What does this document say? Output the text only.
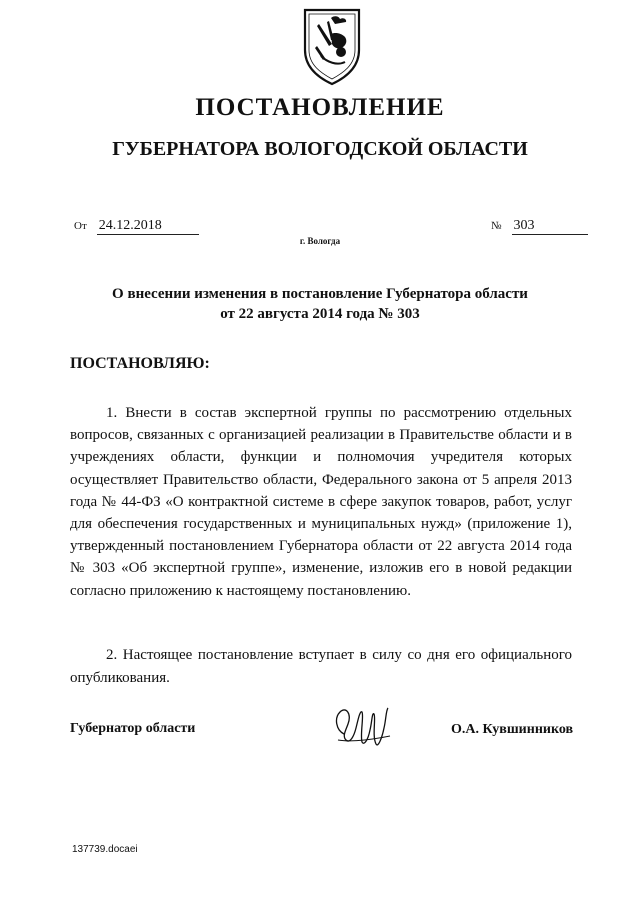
ПОСТАНОВЛЕНИЕ
ГУБЕРНАТОРА ВОЛОГОДСКОЙ ОБЛАСТИ
От 24.12.2018	№ 303
г. Вологда
О внесении изменения в постановление Губернатора области
от 22 августа 2014 года № 303
ПОСТАНОВЛЯЮ:
1. Внести в состав экспертной группы по рассмотрению отдельных вопросов, связанных с организацией реализации в Правительстве области и в учреждениях области, функции и полномочия учредителя которых осуществляет Правительство области, Федерального закона от 5 апреля 2013 года № 44-ФЗ «О контрактной системе в сфере закупок товаров, работ, услуг для обеспечения государственных и муниципальных нужд» (приложение 1), утвержденный постановлением Губернатора области от 22 августа 2014 года № 303 «Об экспертной группе», изменение, изложив его в новой редакции согласно приложению к настоящему постановлению.
2. Настоящее постановление вступает в силу со дня его официального опубликования.
Губернатор области	О.А. Кувшинников
137739.docaei
